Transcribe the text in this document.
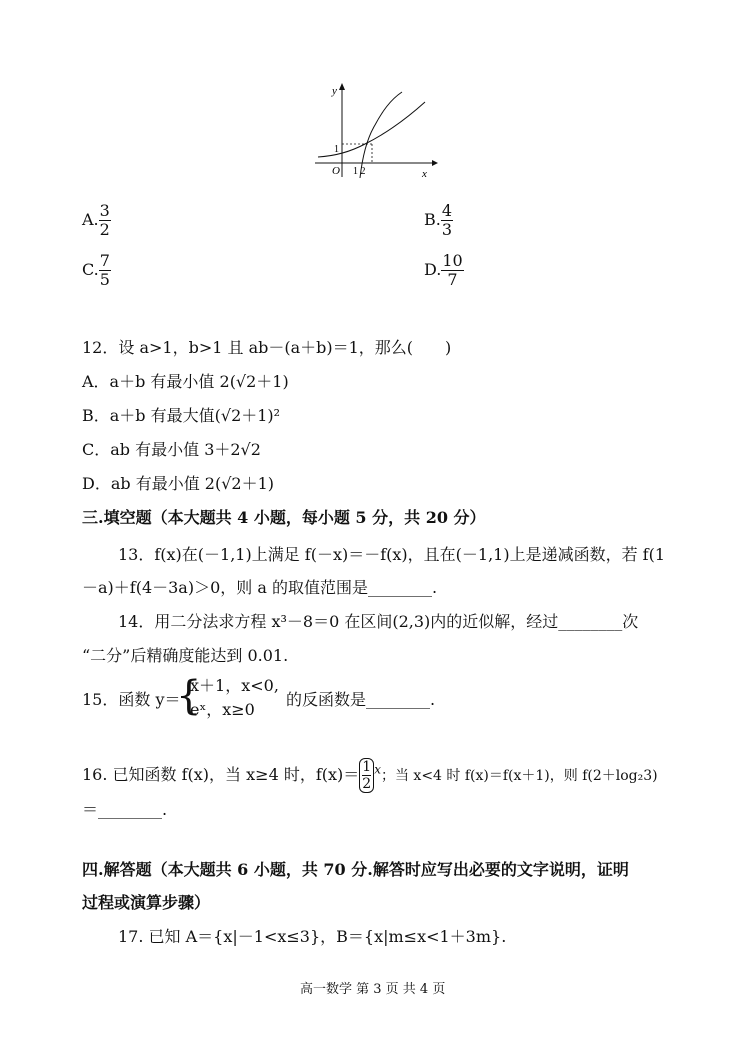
y
x
O
1
1 2
A. $\frac{3}{2}$	B. $\frac{4}{3}$
C. $\frac{7}{5}$	D. $\frac{10}{7}$
12．设 a>1，b>1 且 ab－(a＋b)＝1，那么(　　)
A．a＋b 有最小值 2(√2＋1)
B．a＋b 有最大值(√2＋1)²
C．ab 有最小值 3＋2√2
D．ab 有最小值 2(√2＋1)
三.填空题（本大题共 4 小题，每小题 5 分，共 20 分）
13．f(x)在(－1,1)上满足 f(－x)＝－f(x)，且在(－1,1)上是递减函数，若 f(1
－a)＋f(4－3a)＞0，则 a 的取值范围是________.
14．用二分法求方程 x³－8＝0 在区间(2,3)内的近似解，经过________次
“二分”后精确度能达到 0.01.
15．函数 y＝
{
x＋1，x<0,
eˣ，x≥0
的反函数是________.
16. 已知函数 f(x)，当 x≥4 时，$f(x)= \frac{1}{2} ^x$；当 x<4 时 f(x)＝f(x＋1)，则 f(2＋log₂3)
＝________.
四.解答题（本大题共 6 小题，共 70 分.解答时应写出必要的文字说明，证明
过程或演算步骤）
17. 已知 A＝{x|－1<x≤3}，B＝{x|m≤x<1＋3m}.
高一数学 第 3 页 共 4 页
